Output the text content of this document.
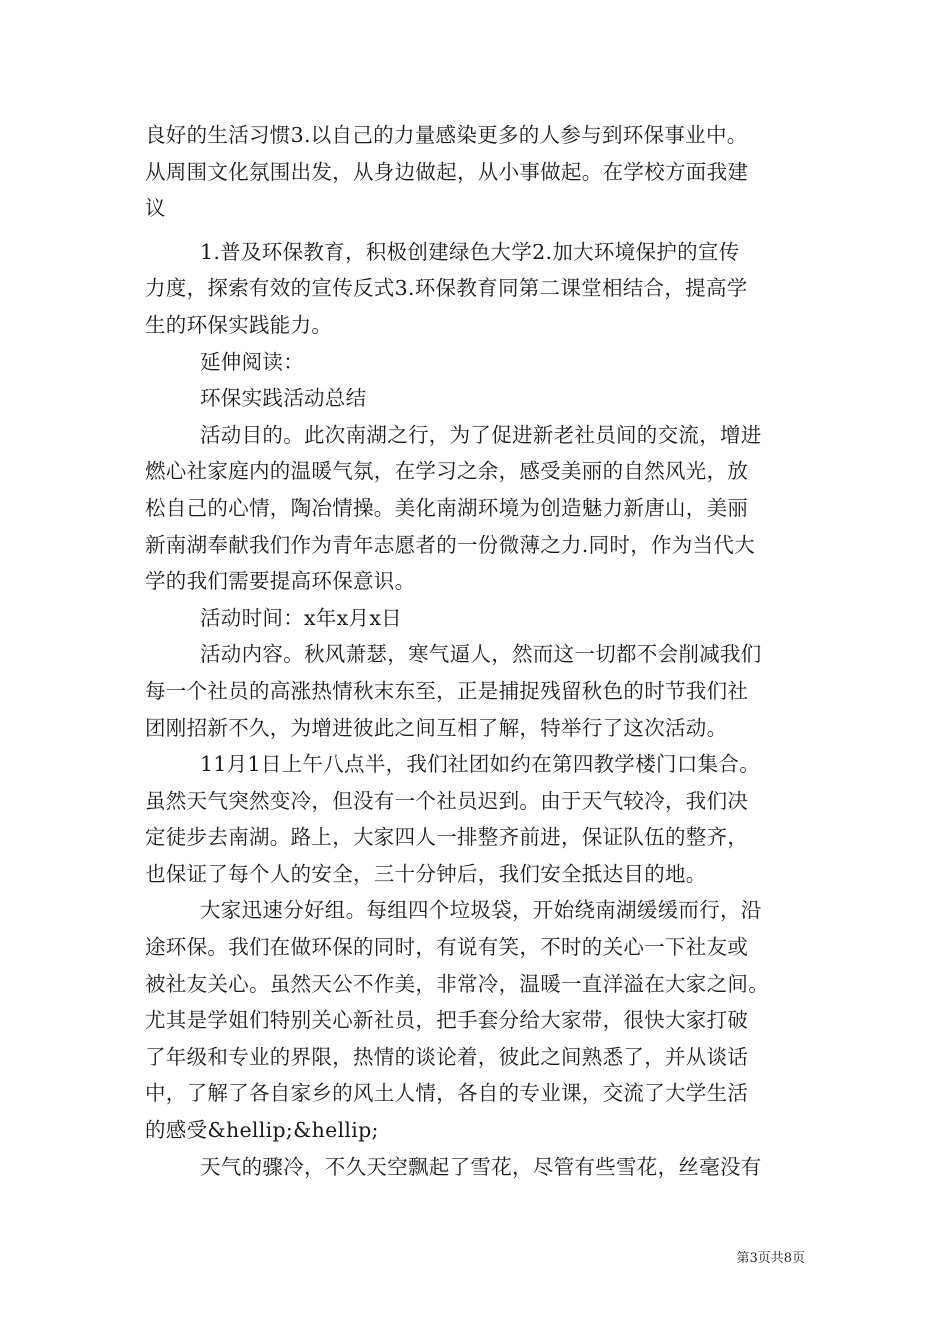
良好的生活习惯3.以自己的力量感染更多的人参与到环保事业中。
从周围文化氛围出发，从身边做起，从小事做起。在学校方面我建
议
1.普及环保教育，积极创建绿色大学2.加大环境保护的宣传
力度，探索有效的宣传反式3.环保教育同第二课堂相结合，提高学
生的环保实践能力。
延伸阅读：
环保实践活动总结
活动目的。此次南湖之行，为了促进新老社员间的交流，增进
燃心社家庭内的温暖气氛，在学习之余，感受美丽的自然风光，放
松自己的心情，陶冶情操。美化南湖环境为创造魅力新唐山，美丽
新南湖奉献我们作为青年志愿者的一份微薄之力.同时，作为当代大
学的我们需要提高环保意识。
活动时间：x年x月x日
活动内容。秋风萧瑟，寒气逼人，然而这一切都不会削减我们
每一个社员的高涨热情秋末东至，正是捕捉残留秋色的时节我们社
团刚招新不久，为增进彼此之间互相了解，特举行了这次活动。
11月1日上午八点半，我们社团如约在第四教学楼门口集合。
虽然天气突然变冷，但没有一个社员迟到。由于天气较冷，我们决
定徒步去南湖。路上，大家四人一排整齐前进，保证队伍的整齐，
也保证了每个人的安全，三十分钟后，我们安全抵达目的地。
大家迅速分好组。每组四个垃圾袋，开始绕南湖缓缓而行，沿
途环保。我们在做环保的同时，有说有笑，不时的关心一下社友或
被社友关心。虽然天公不作美，非常冷，温暖一直洋溢在大家之间。
尤其是学姐们特别关心新社员，把手套分给大家带，很快大家打破
了年级和专业的界限，热情的谈论着，彼此之间熟悉了，并从谈话
中，了解了各自家乡的风土人情，各自的专业课，交流了大学生活
的感受&hellip;&hellip;
天气的骤冷，不久天空飘起了雪花，尽管有些雪花，丝毫没有
第3页共8页
